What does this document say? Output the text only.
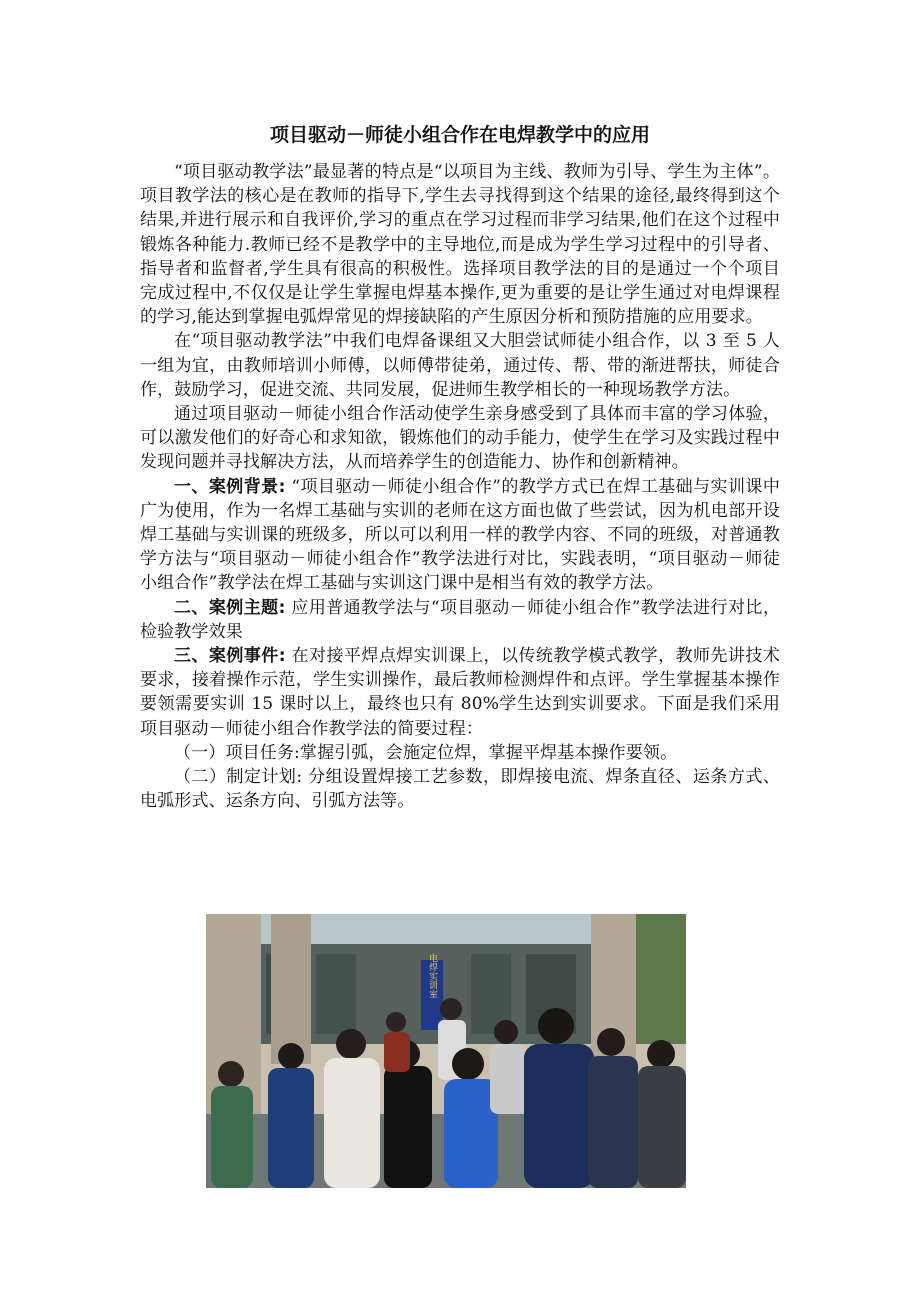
项目驱动－师徒小组合作在电焊教学中的应用

“项目驱动教学法”最显著的特点是“以项目为主线、教师为引导、学生为主体”。项目教学法的核心是在教师的指导下,学生去寻找得到这个结果的途径,最终得到这个结果,并进行展示和自我评价,学习的重点在学习过程而非学习结果,他们在这个过程中锻炼各种能力.教师已经不是教学中的主导地位,而是成为学生学习过程中的引导者、指导者和监督者,学生具有很高的积极性。选择项目教学法的目的是通过一个个项目完成过程中,不仅仅是让学生掌握电焊基本操作,更为重要的是让学生通过对电焊课程的学习,能达到掌握电弧焊常见的焊接缺陷的产生原因分析和预防措施的应用要求。

在“项目驱动教学法”中我们电焊备课组又大胆尝试师徒小组合作，以 3 至 5 人一组为宜，由教师培训小师傅，以师傅带徒弟，通过传、帮、带的渐进帮扶，师徒合作，鼓励学习，促进交流、共同发展，促进师生教学相长的一种现场教学方法。

通过项目驱动－师徒小组合作活动使学生亲身感受到了具体而丰富的学习体验，可以激发他们的好奇心和求知欲，锻炼他们的动手能力，使学生在学习及实践过程中发现问题并寻找解决方法，从而培养学生的创造能力、协作和创新精神。

一、案例背景: “项目驱动－师徒小组合作”的教学方式已在焊工基础与实训课中广为使用，作为一名焊工基础与实训的老师在这方面也做了些尝试，因为机电部开设焊工基础与实训课的班级多，所以可以利用一样的教学内容、不同的班级，对普通教学方法与“项目驱动－师徒小组合作”教学法进行对比，实践表明，“项目驱动－师徒小组合作”教学法在焊工基础与实训这门课中是相当有效的教学方法。

二、案例主题: 应用普通教学法与“项目驱动－师徒小组合作”教学法进行对比，检验教学效果

三、案例事件: 在对接平焊点焊实训课上，以传统教学模式教学，教师先讲技术要求，接着操作示范，学生实训操作，最后教师检测焊件和点评。学生掌握基本操作要领需要实训 15 课时以上，最终也只有 80%学生达到实训要求。下面是我们采用项目驱动－师徒小组合作教学法的简要过程：

（一）项目任务:掌握引弧，会施定位焊，掌握平焊基本操作要领。

（二）制定计划: 分组设置焊接工艺参数，即焊接电流、焊条直径、运条方式、电弧形式、运条方向、引弧方法等。

电焊实训室
